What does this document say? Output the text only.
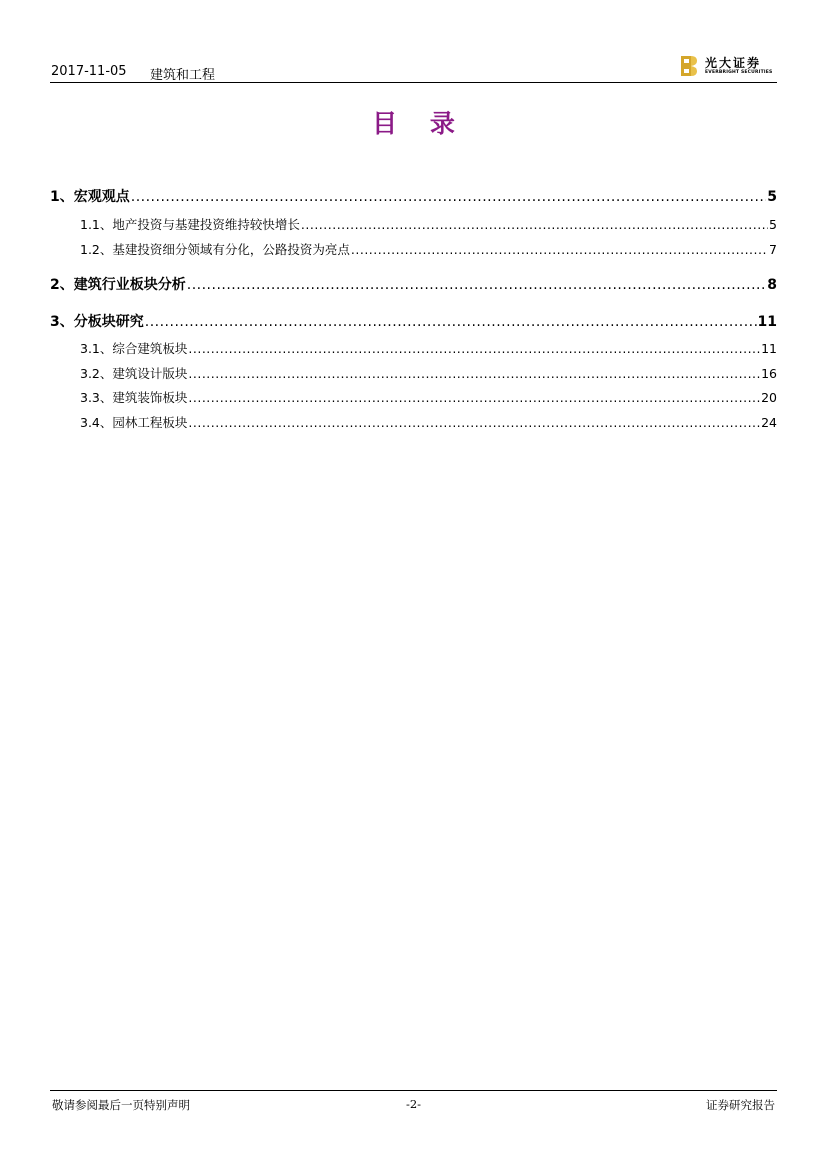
2017-11-05 建筑和工程
光大证券
EVERBRIGHT SECURITIES
目 录
1、 宏观观点 .....	5
1.1、 地产投资与基建投资维持较快增长 .....	5
1.2、 基建投资细分领域有分化，公路投资为亮点 .....	7
2、 建筑行业板块分析 .....	8
3、 分板块研究 .....	11
3.1、 综合建筑板块 .....	11
3.2、 建筑设计版块 .....	16
3.3、 建筑装饰板块 .....	20
3.4、 园林工程板块 .....	24
敬请参阅最后一页特别声明	-2-	证券研究报告
